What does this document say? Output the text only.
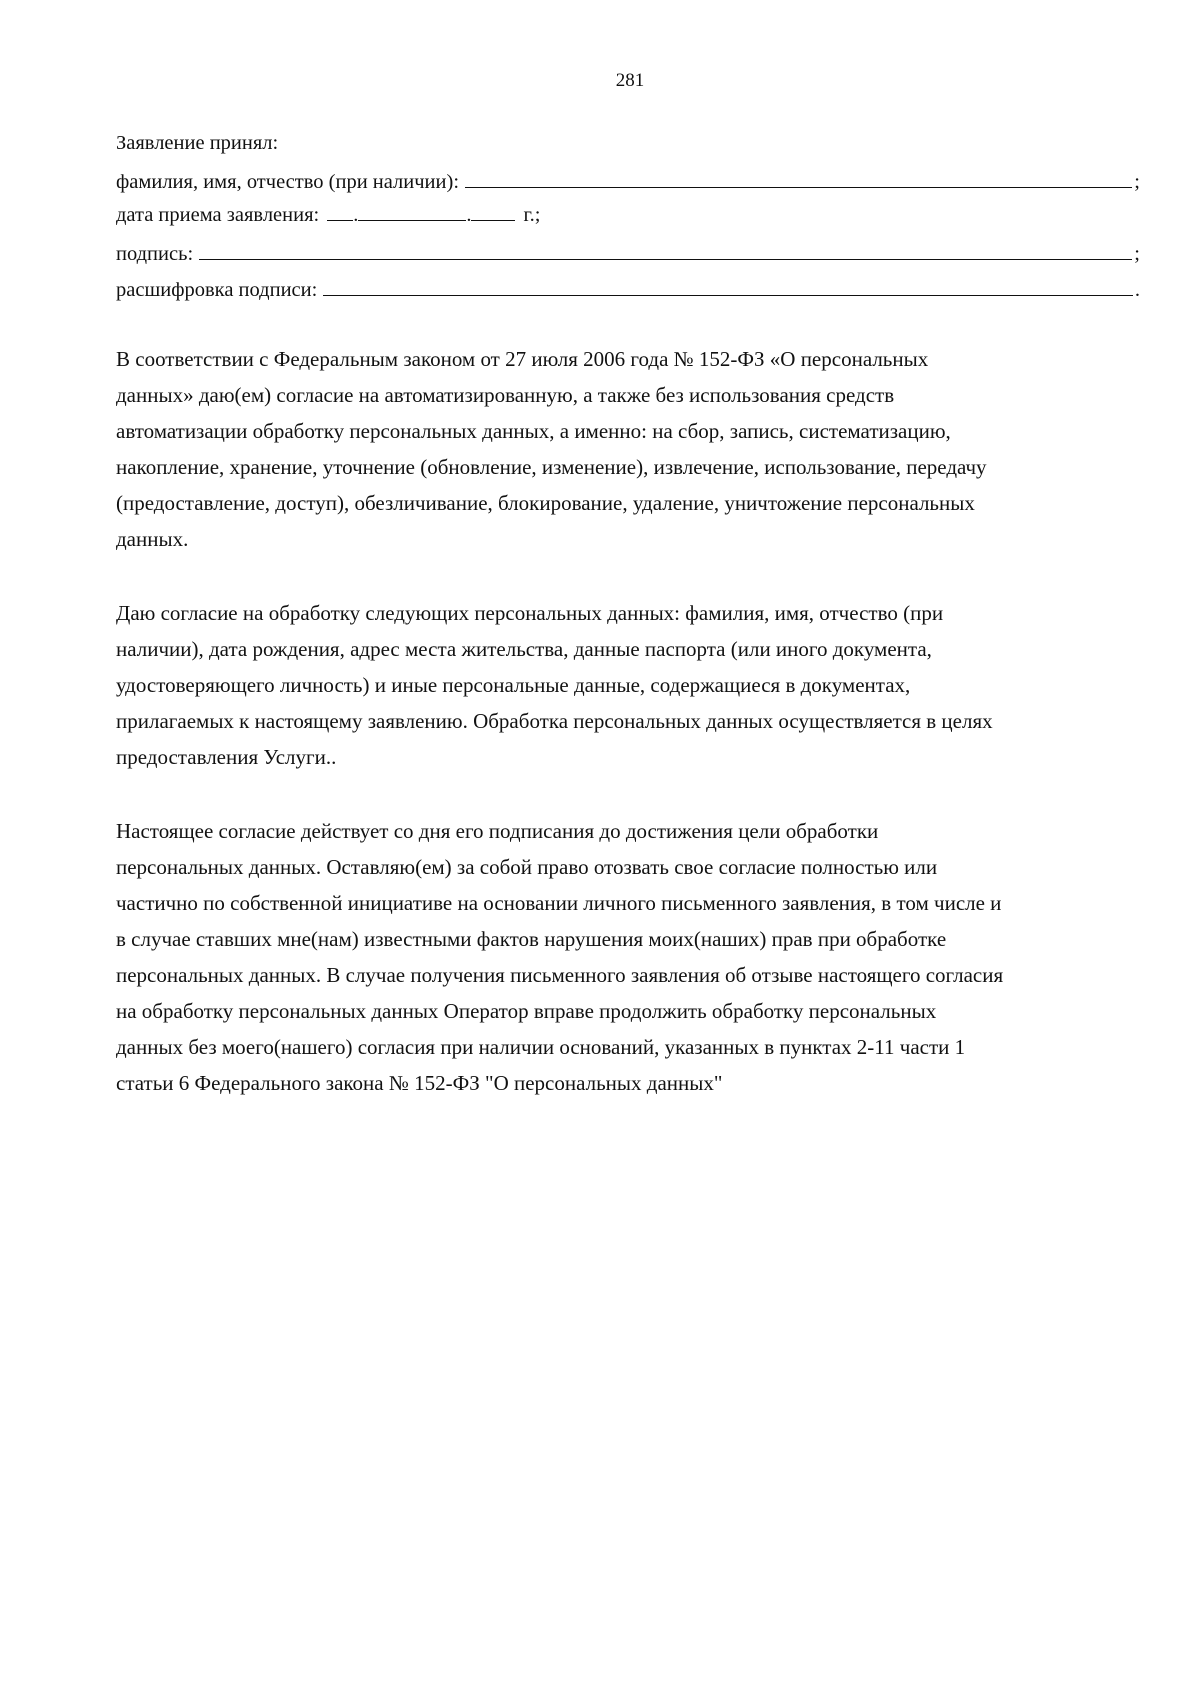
281
Заявление принял:
фамилия, имя, отчество (при наличии):	;
дата приема заявления: .	.	г.;
подпись:	;
расшифровка подписи:	.

В соответствии с Федеральным законом от 27 июля 2006 года № 152-ФЗ «О персональных
данных» даю(ем) согласие на автоматизированную, а также без использования средств
автоматизации обработку персональных данных, а именно: на сбор, запись, систематизацию,
накопление, хранение, уточнение (обновление, изменение), извлечение, использование, передачу
(предоставление, доступ), обезличивание, блокирование, удаление, уничтожение персональных
данных.

Даю согласие на обработку следующих персональных данных: фамилия, имя, отчество (при
наличии), дата рождения, адрес места жительства, данные паспорта (или иного документа,
удостоверяющего личность) и иные персональные данные, содержащиеся в документах,
прилагаемых к настоящему заявлению. Обработка персональных данных осуществляется в целях
предоставления Услуги..

Настоящее согласие действует со дня его подписания до достижения цели обработки
персональных данных. Оставляю(ем) за собой право отозвать свое согласие полностью или
частично по собственной инициативе на основании личного письменного заявления, в том числе и
в случае ставших мне(нам) известными фактов нарушения моих(наших) прав при обработке
персональных данных. В случае получения письменного заявления об отзыве настоящего согласия
на обработку персональных данных Оператор вправе продолжить обработку персональных
данных без моего(нашего) согласия при наличии оснований, указанных в пунктах 2-11 части 1
статьи 6 Федерального закона № 152-ФЗ "О персональных данных"
